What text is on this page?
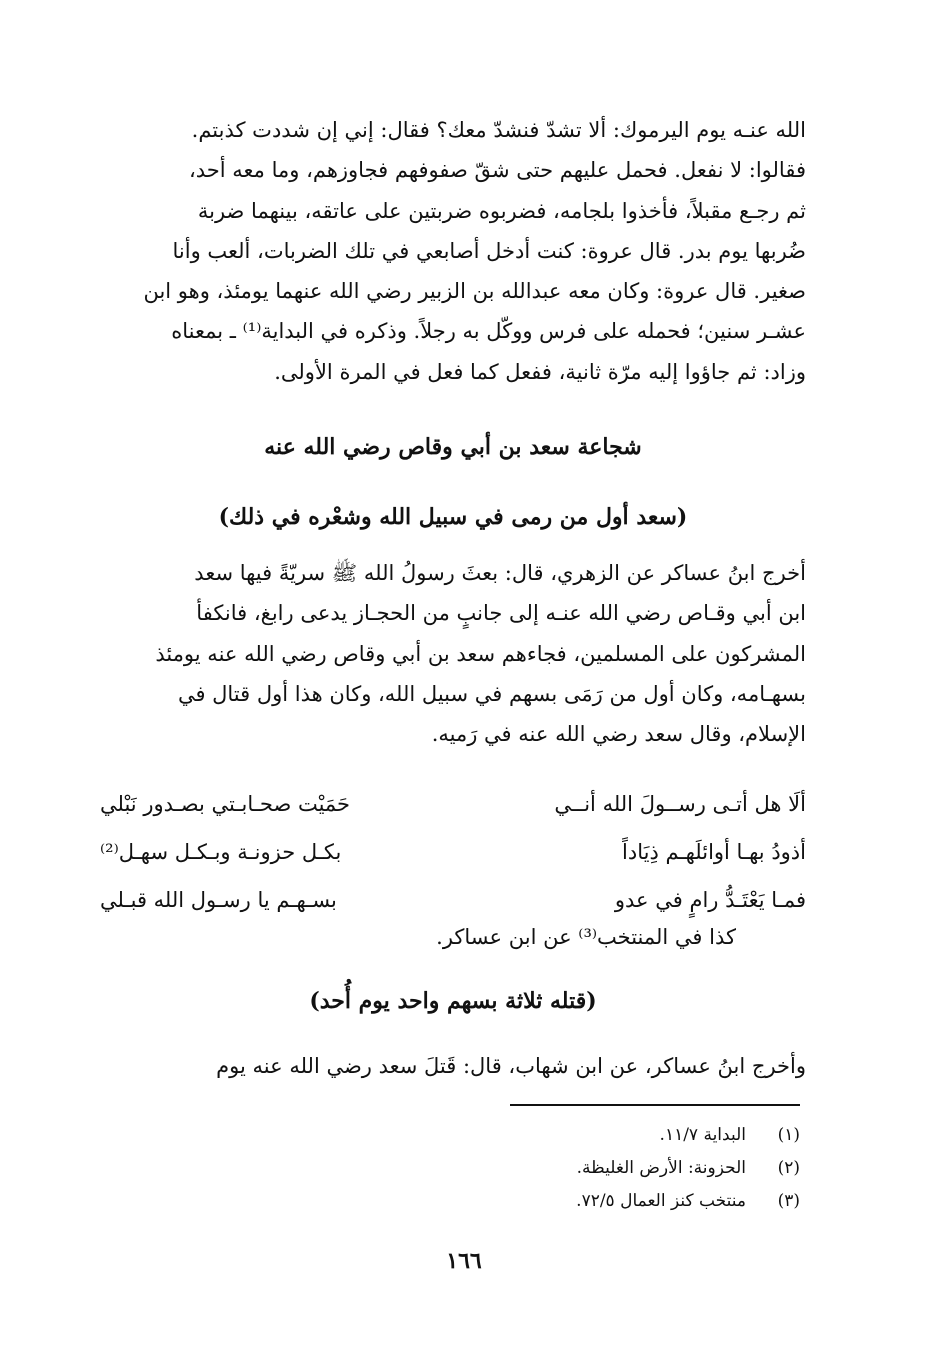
الله عنـه يوم اليرموك: ألا تشدّ فنشدّ معك؟ فقال: إني إن شددت كذبتم.
فقالوا: لا نفعل. فحمل عليهم حتى شقّ صفوفهم فجاوزهم، وما معه أحد،
ثم رجـع مقبلاً، فأخذوا بلجامه، فضربوه ضربتين على عاتقه، بينهما ضربة
ضُربها يوم بدر. قال عروة: كنت أدخل أصابعي في تلك الضربات، ألعب وأنا
صغير. قال عروة: وكان معه عبدالله بن الزبير رضي الله عنهما يومئذ، وهو ابن
عشـر سنين؛ فحمله على فرس ووكّل به رجلاً. وذكره في البداية⁽¹⁾ ـ بمعناه
وزاد: ثم جاؤوا إليه مرّة ثانية، ففعل كما فعل في المرة الأولى.
شجاعة سعد بن أبي وقاص رضي الله عنه
(سعد أول من رمى في سبيل الله وشعْره في ذلك)
أخرج ابنُ عساكر عن الزهري، قال: بعثَ رسولُ الله ﷺ سريّةً فيها سعد
ابن أبي وقـاص رضي الله عنـه إلى جانبٍ من الحجـاز يدعى رابغ، فانكفأ
المشركون على المسلمين، فجاءهم سعد بن أبي وقاص رضي الله عنه يومئذ
بسهـامه، وكان أول من رَمَى بسهم في سبيل الله، وكان هذا أول قتال في
الإسلام، وقال سعد رضي الله عنه في رَميه.
ألَا هل أتـى رســولَ الله أنــي
حَمَيْت صحـابـتي بصـدور نَبْلي
أذودُ بهـا أوائلَهـم ذِيَاداً
بكـل حزونـة وبـكـل سهـل⁽²⁾
فمـا يَعْتَـدُّ رامٍ في عدو
بسـهـم يا رسـول الله قبـلي

كذا في المنتخب⁽³⁾ عن ابن عساكر.

(قتله ثلاثة بسهم واحد يوم أُحد)
وأخرج ابنُ عساكر، عن ابن شهاب، قال: قَتلَ سعد رضي الله عنه يوم
(١)
البداية ١١/٧.
(٢)
الحزونة: الأرض الغليظة.
(٣)
منتخب كنز العمال ٧٢/٥.

١٦٦
